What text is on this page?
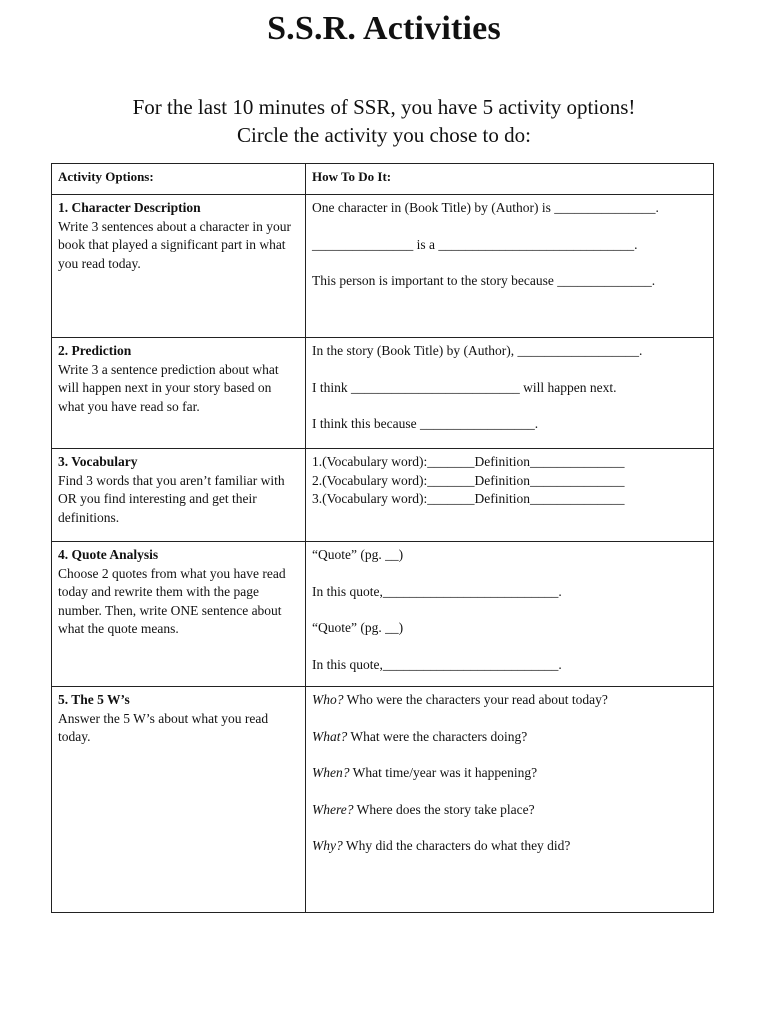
S.S.R. Activities

For the last 10 minutes of SSR, you have 5 activity options!

Circle the activity you chose to do:

Activity Options:	How To Do It:

1. Character Description
Write 3 sentences about a character in your book that played a significant part in what you read today.	One character in (Book Title) by (Author) is _______________.
_______________ is a _____________________________.
This person is important to the story because ______________.

2. Prediction
Write 3 a sentence prediction about what will happen next in your story based on what you have read so far.	In the story (Book Title) by (Author), __________________.
I think _________________________ will happen next.
I think this because _________________.

3. Vocabulary
Find 3 words that you aren’t familiar with OR you find interesting and get their definitions.	1.(Vocabulary word):_______Definition______________
2.(Vocabulary word):_______Definition______________
3.(Vocabulary word):_______Definition______________

4. Quote Analysis
Choose 2 quotes from what you have read today and rewrite them with the page number. Then, write ONE sentence about what the quote means.	“Quote” (pg. __)
In this quote,__________________________.
“Quote” (pg. __)
In this quote,__________________________.

5. The 5 W’s
Answer the 5 W’s about what you read today.	Who? Who were the characters your read about today?
What? What were the characters doing?
When? What time/year was it happening?
Where? Where does the story take place?
Why? Why did the characters do what they did?
